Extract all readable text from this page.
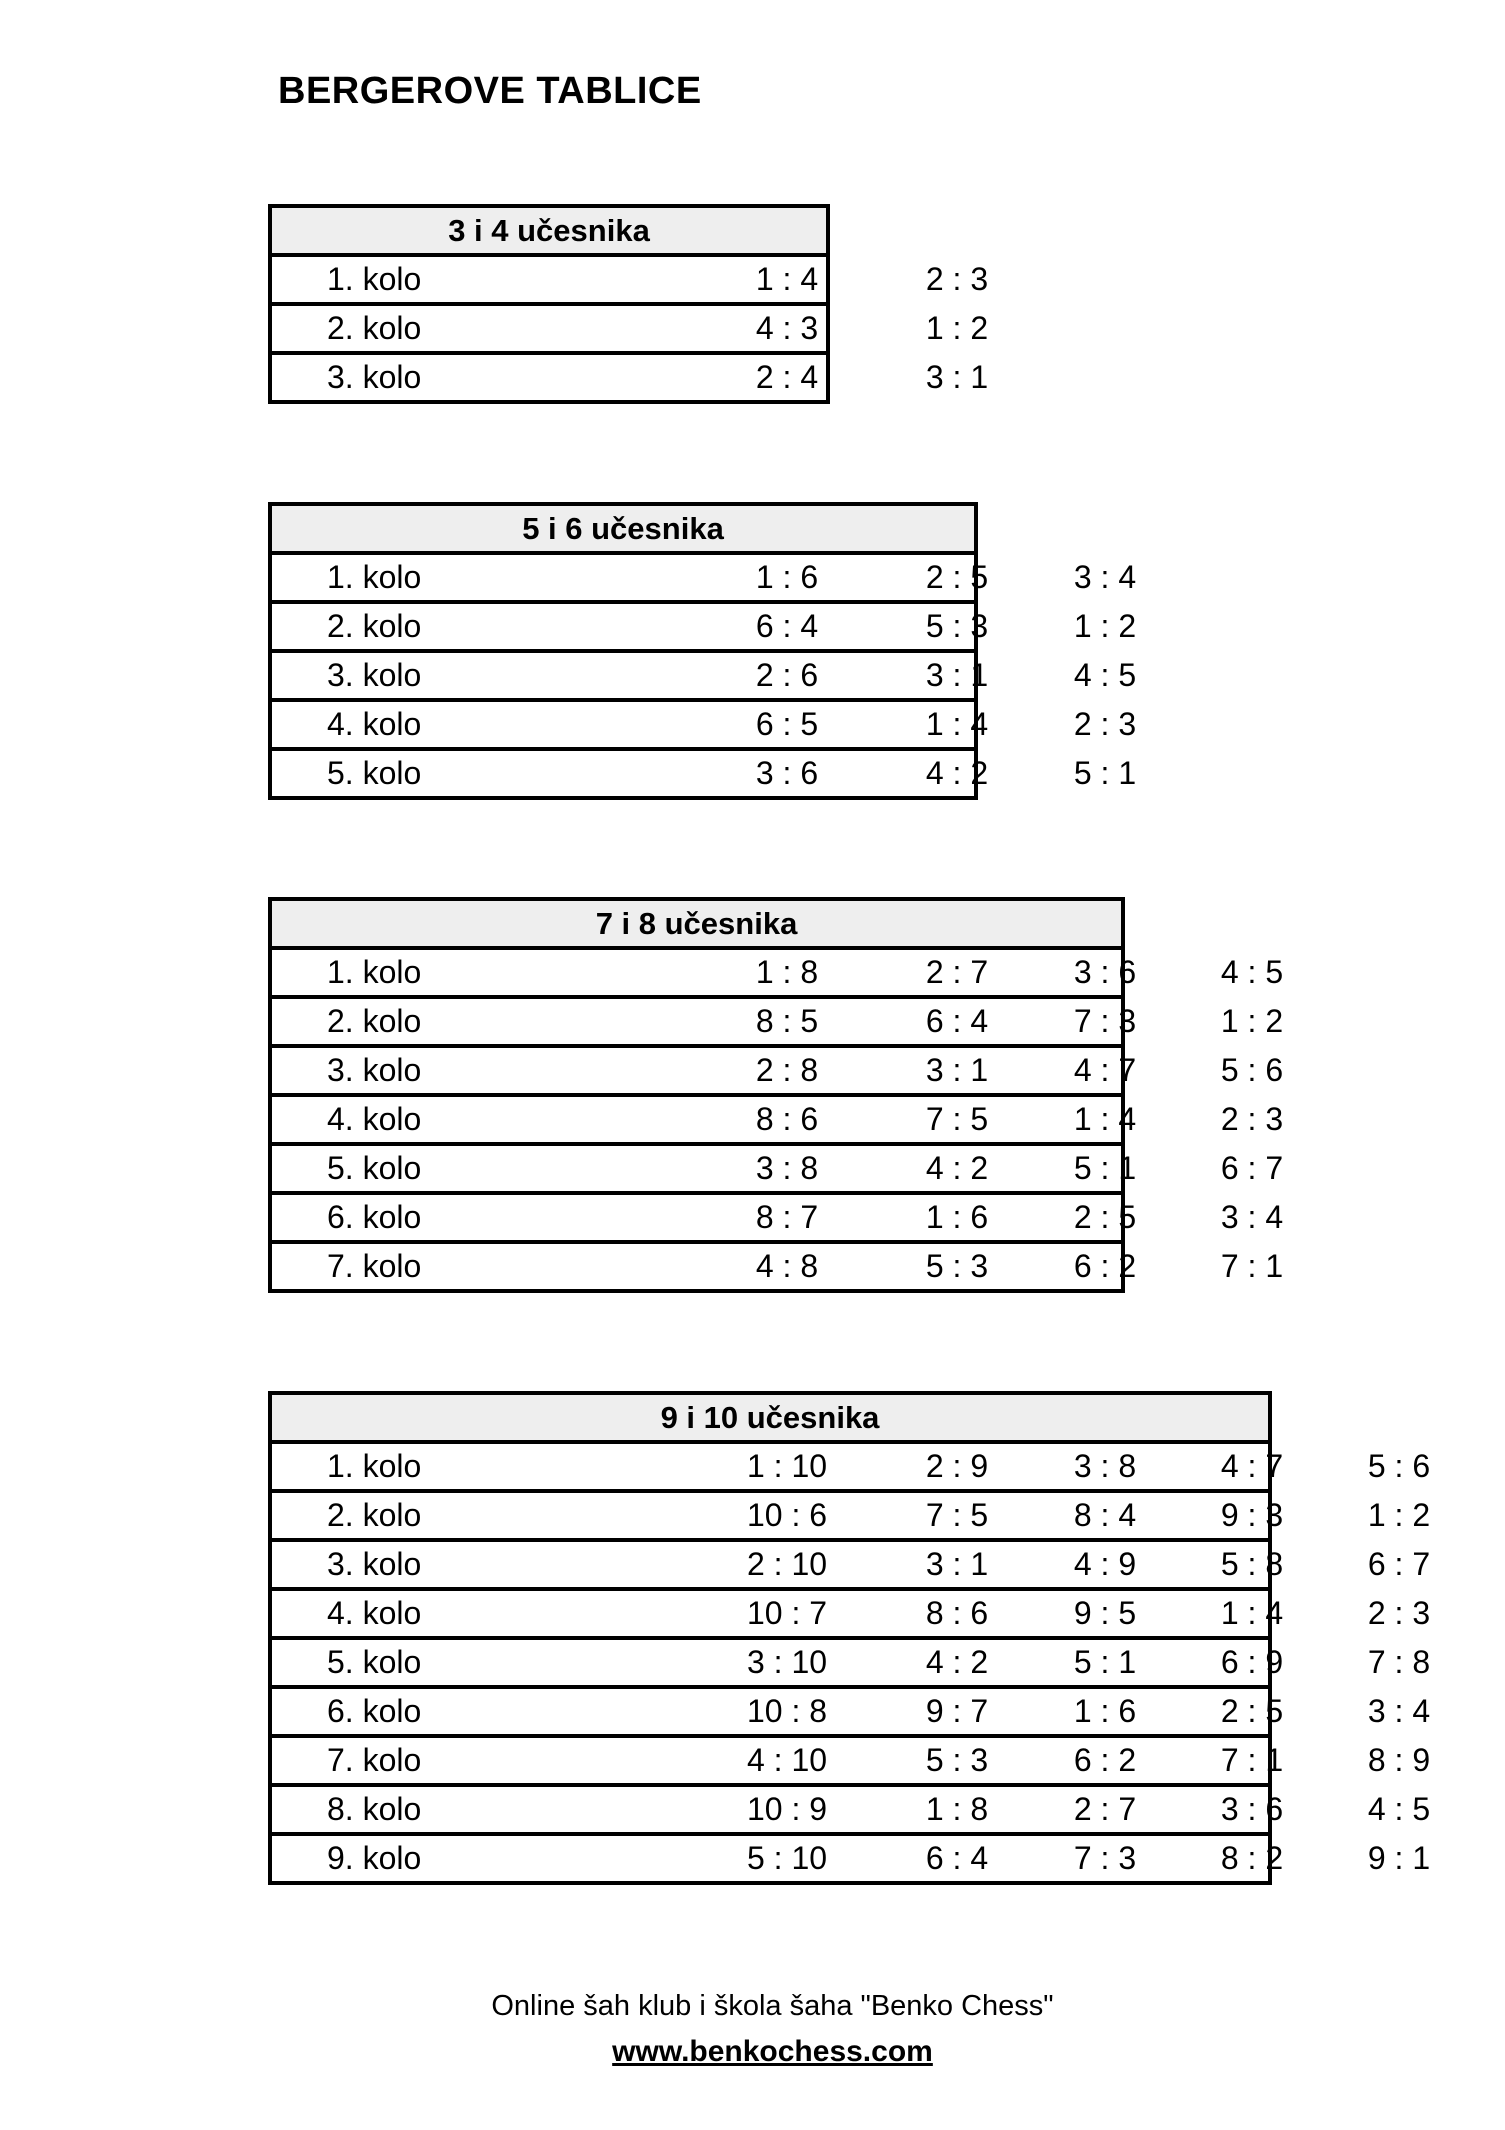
BERGEROVE TABLICE
3 i 4 učesnika
1. kolo	1 : 4	2 : 3
2. kolo	4 : 3	1 : 2
3. kolo	2 : 4	3 : 1
5 i 6 učesnika
1. kolo	1 : 6	2 : 5	3 : 4
2. kolo	6 : 4	5 : 3	1 : 2
3. kolo	2 : 6	3 : 1	4 : 5
4. kolo	6 : 5	1 : 4	2 : 3
5. kolo	3 : 6	4 : 2	5 : 1
7 i 8 učesnika
1. kolo	1 : 8	2 : 7	3 : 6	4 : 5
2. kolo	8 : 5	6 : 4	7 : 3	1 : 2
3. kolo	2 : 8	3 : 1	4 : 7	5 : 6
4. kolo	8 : 6	7 : 5	1 : 4	2 : 3
5. kolo	3 : 8	4 : 2	5 : 1	6 : 7
6. kolo	8 : 7	1 : 6	2 : 5	3 : 4
7. kolo	4 : 8	5 : 3	6 : 2	7 : 1
9 i 10 učesnika
1. kolo	1 : 10	2 : 9	3 : 8	4 : 7	5 : 6
2. kolo	10 : 6	7 : 5	8 : 4	9 : 3	1 : 2
3. kolo	2 : 10	3 : 1	4 : 9	5 : 8	6 : 7
4. kolo	10 : 7	8 : 6	9 : 5	1 : 4	2 : 3
5. kolo	3 : 10	4 : 2	5 : 1	6 : 9	7 : 8
6. kolo	10 : 8	9 : 7	1 : 6	2 : 5	3 : 4
7. kolo	4 : 10	5 : 3	6 : 2	7 : 1	8 : 9
8. kolo	10 : 9	1 : 8	2 : 7	3 : 6	4 : 5
9. kolo	5 : 10	6 : 4	7 : 3	8 : 2	9 : 1
Online šah klub i škola šaha "Benko Chess"
www.benkochess.com
